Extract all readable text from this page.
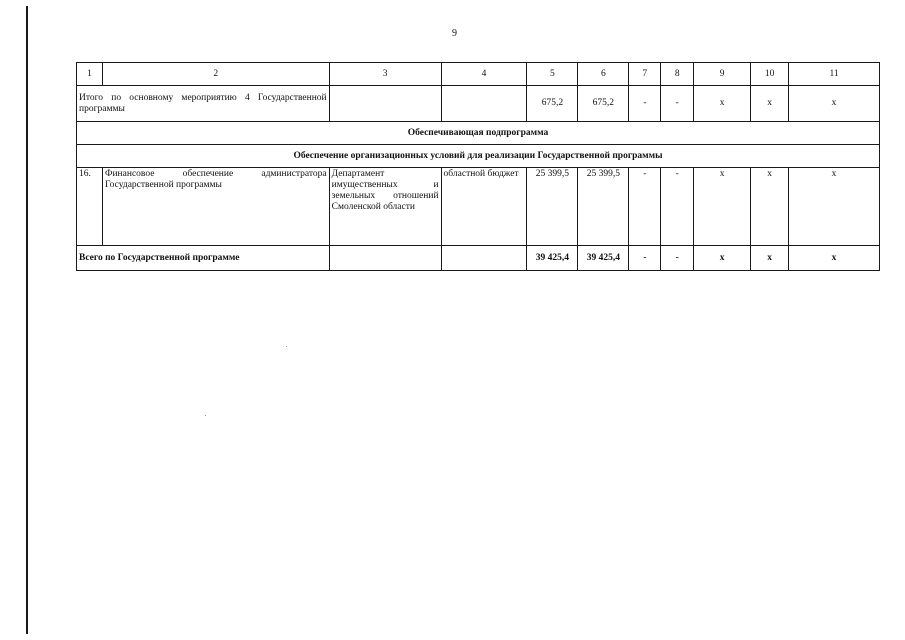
9
1	2	3	4	5	6	7	8	9	10	11
Итого по основному мероприятию 4 Государственной программы				675,2	675,2	-	-	x	x	x
Обеспечивающая подпрограмма										
Обеспечение организационных условий для реализации Государственной программы										
16.	Финансовое обеспечение администратора Государственной программы	Департамент имущественных и земельных отношений Смоленской области	областной бюджет	25 399,5	25 399,5	-	-	x	x	x
Всего по Государственной программе				39 425,4	39 425,4	-	-	x	x	x
